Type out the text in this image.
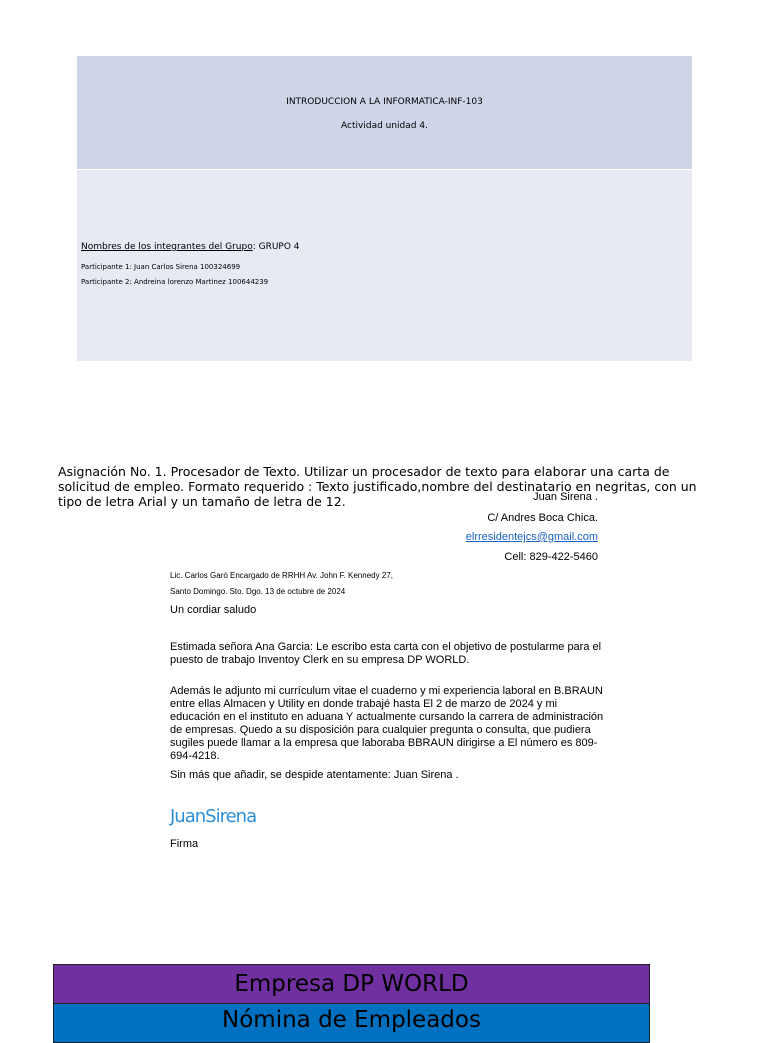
INTRODUCCION A LA INFORMATICA-INF-103
Actividad unidad 4.
Nombres de los integrantes del Grupo: GRUPO 4
Participante 1: Juan Carlos Sirena 100324699
Participante 2: Andreina lorenzo Martinez 100644239
Asignación No. 1. Procesador de Texto. Utilizar un procesador de texto para elaborar una carta de solicitud de empleo. Formato requerido : Texto justificado,nombre del destinatario en negritas, con un tipo de letra Arial y un tamaño de letra de 12.	Juan Sirena .
C/ Andres Boca Chica.
elrresidentejcs@gmail.com
Cell: 829-422-5460
Lic. Carlos Garó Encargado de RRHH Av. John F. Kennedy 27,
Santo Domingo. Sto. Dgo. 13 de octubre de 2024
Un cordiar saludo
Estimada señora Ana Garcia: Le escribo esta carta con el objetivo de postularme para el puesto de trabajo Inventoy Clerk en su empresa DP WORLD.
Además le adjunto mi currículum vitae el cuaderno y mi experiencia laboral en B.BRAUN entre ellas Almacen y Utility en donde trabajé hasta El 2 de marzo de 2024 y mi educación en el instituto en aduana Y actualmente cursando la carrera de administración de empresas. Quedo a su disposición para cualquier pregunta o consulta, que pudiera sugiles puede llamar a la empresa que laboraba BBRAUN dirigirse a El número es 809- 694-4218.
Sin más que añadir, se despide atentamente: Juan Sirena .
JuanSirena
Firma
Empresa DP WORLD
Nómina de Empleados
